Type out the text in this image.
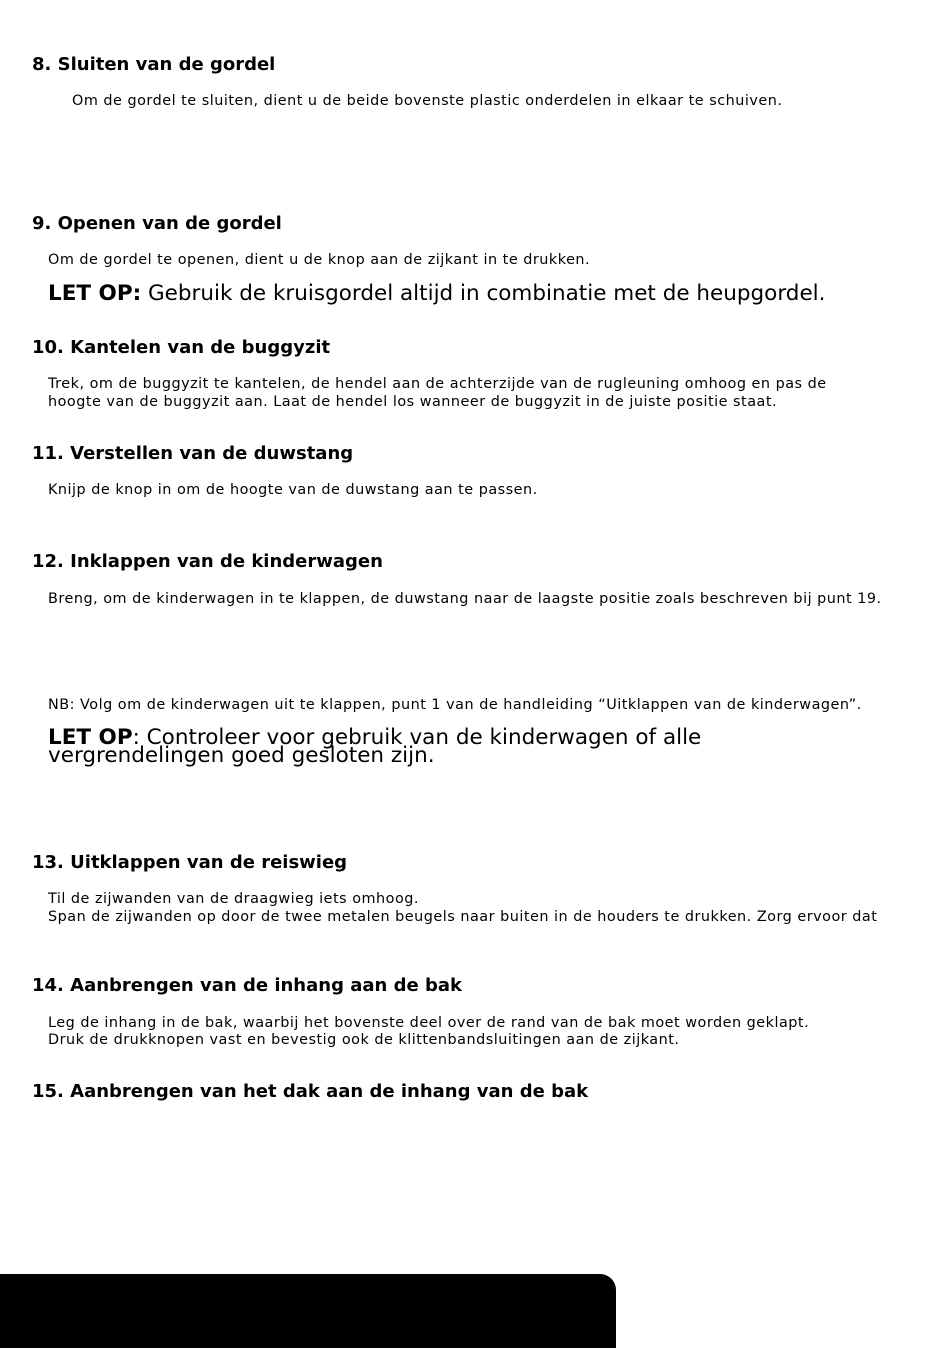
8. Sluiten van de gordel
Om de gordel te sluiten, dient u de beide bovenste plastic onderdelen in elkaar te schuiven.
9. Openen van de gordel
Om de gordel te openen, dient u de knop aan de zijkant in te drukken.
LET OP: Gebruik de kruisgordel altijd in combinatie met de heupgordel.
10. Kantelen van de buggyzit
Trek, om de buggyzit te kantelen, de hendel aan de achterzijde van de rugleuning omhoog en pas de
hoogte van de buggyzit aan. Laat de hendel los wanneer de buggyzit in de juiste positie staat.
11. Verstellen van de duwstang
Knijp de knop in om de hoogte van de duwstang aan te passen.
12. Inklappen van de kinderwagen
Breng, om de kinderwagen in te klappen, de duwstang naar de laagste positie zoals beschreven bij punt 19.
NB: Volg om de kinderwagen uit te klappen, punt 1 van de handleiding “Uitklappen van de kinderwagen”.
LET OP: Controleer voor gebruik van de kinderwagen of alle
vergrendelingen goed gesloten zijn.
13. Uitklappen van de reiswieg
Til de zijwanden van de draagwieg iets omhoog.
Span de zijwanden op door de twee metalen beugels naar buiten in de houders te drukken. Zorg ervoor dat
14. Aanbrengen van de inhang aan de bak
Leg de inhang in de bak, waarbij het bovenste deel over de rand van de bak moet worden geklapt.
Druk de drukknopen vast en bevestig ook de klittenbandsluitingen aan de zijkant.
15. Aanbrengen van het dak aan de inhang van de bak
